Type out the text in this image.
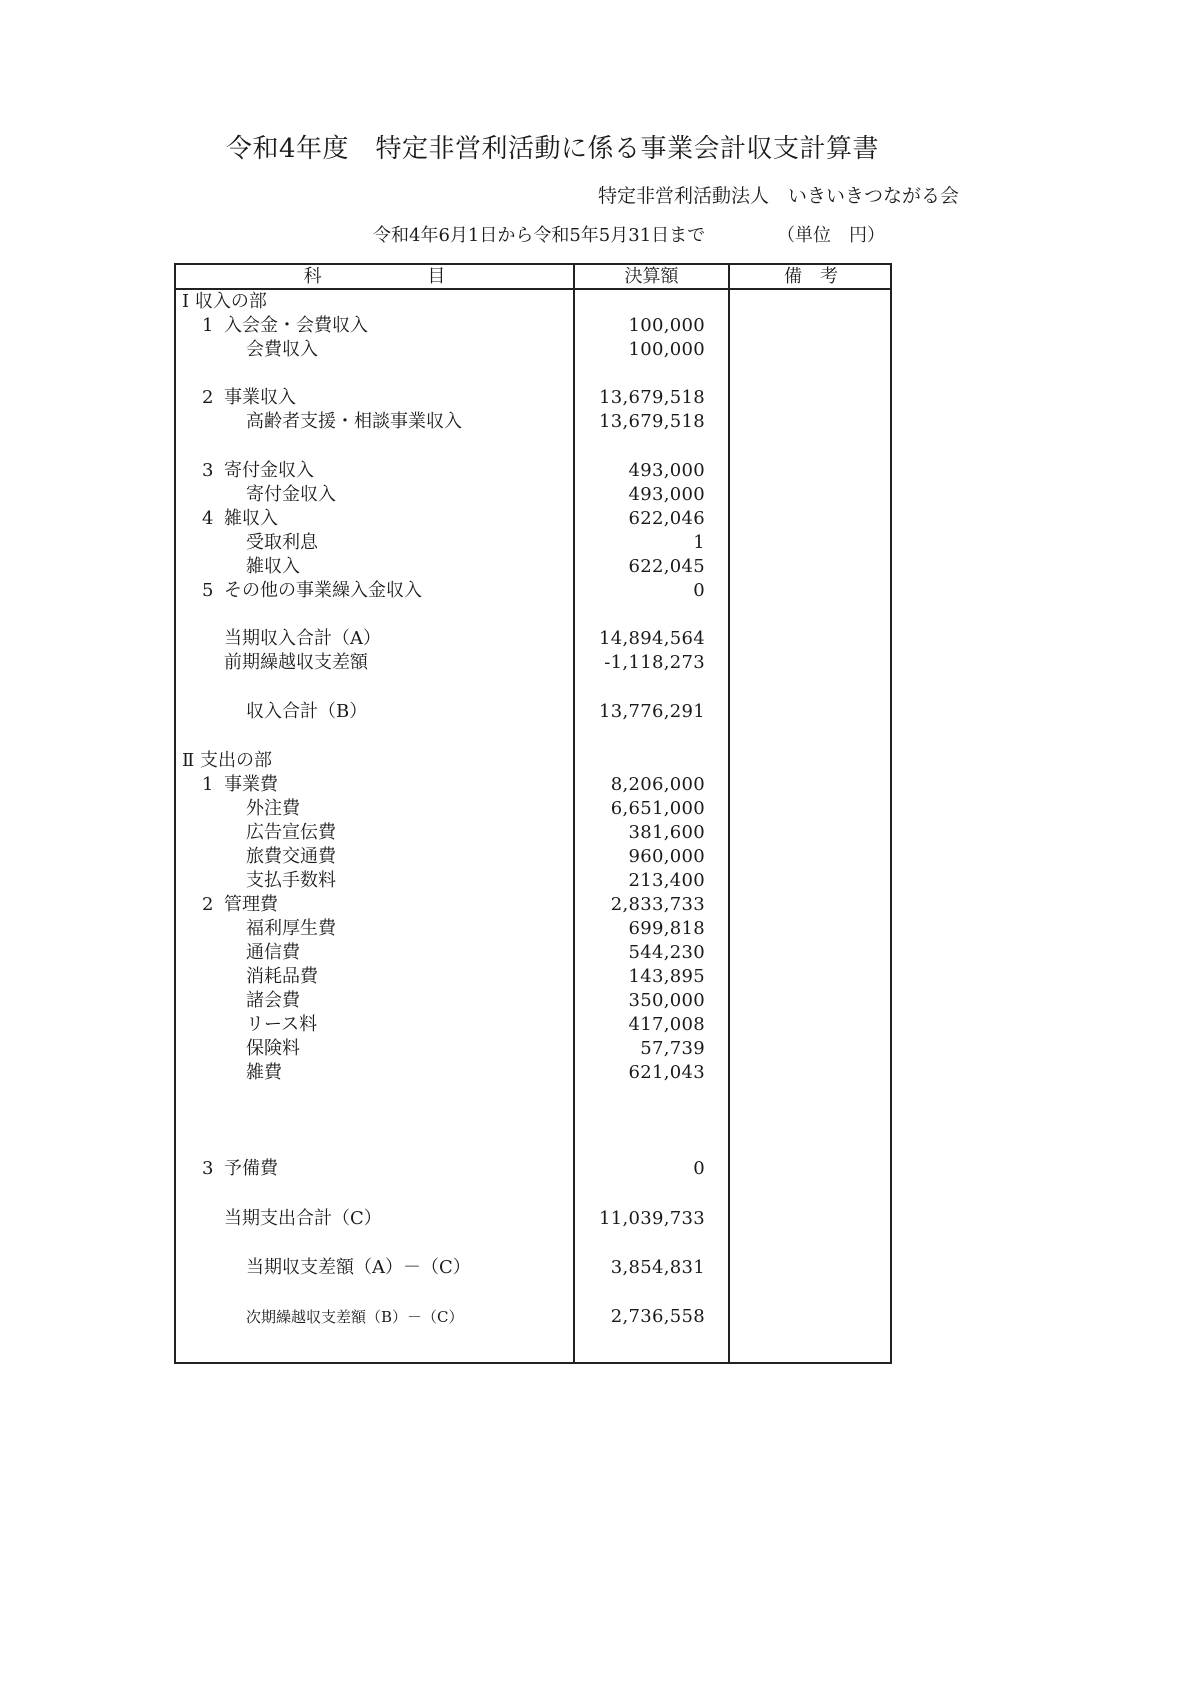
令和4年度　特定非営利活動に係る事業会計収支計算書
特定非営利活動法人　いきいきつながる会
令和4年6月1日から令和5年5月31日まで	（単位　円）
科 目	決算額	備　考
Ⅰ 収入の部
1 入会金・会費収入	100,000
会費収入	100,000
2 事業収入	13,679,518
高齢者支援・相談事業収入	13,679,518
3 寄付金収入	493,000
寄付金収入	493,000
4 雑収入	622,046
受取利息	1
雑収入	622,045
5 その他の事業繰入金収入	0
当期収入合計（A）	14,894,564
前期繰越収支差額	-1,118,273
収入合計（B）	13,776,291
Ⅱ 支出の部
1 事業費	8,206,000
外注費	6,651,000
広告宣伝費	381,600
旅費交通費	960,000
支払手数料	213,400
2 管理費	2,833,733
福利厚生費	699,818
通信費	544,230
消耗品費	143,895
諸会費	350,000
リース料	417,008
保険料	57,739
雑費	621,043
3 予備費	0
当期支出合計（C）	11,039,733
当期収支差額（A）－（C）	3,854,831
次期繰越収支差額（B）－（C）	2,736,558
